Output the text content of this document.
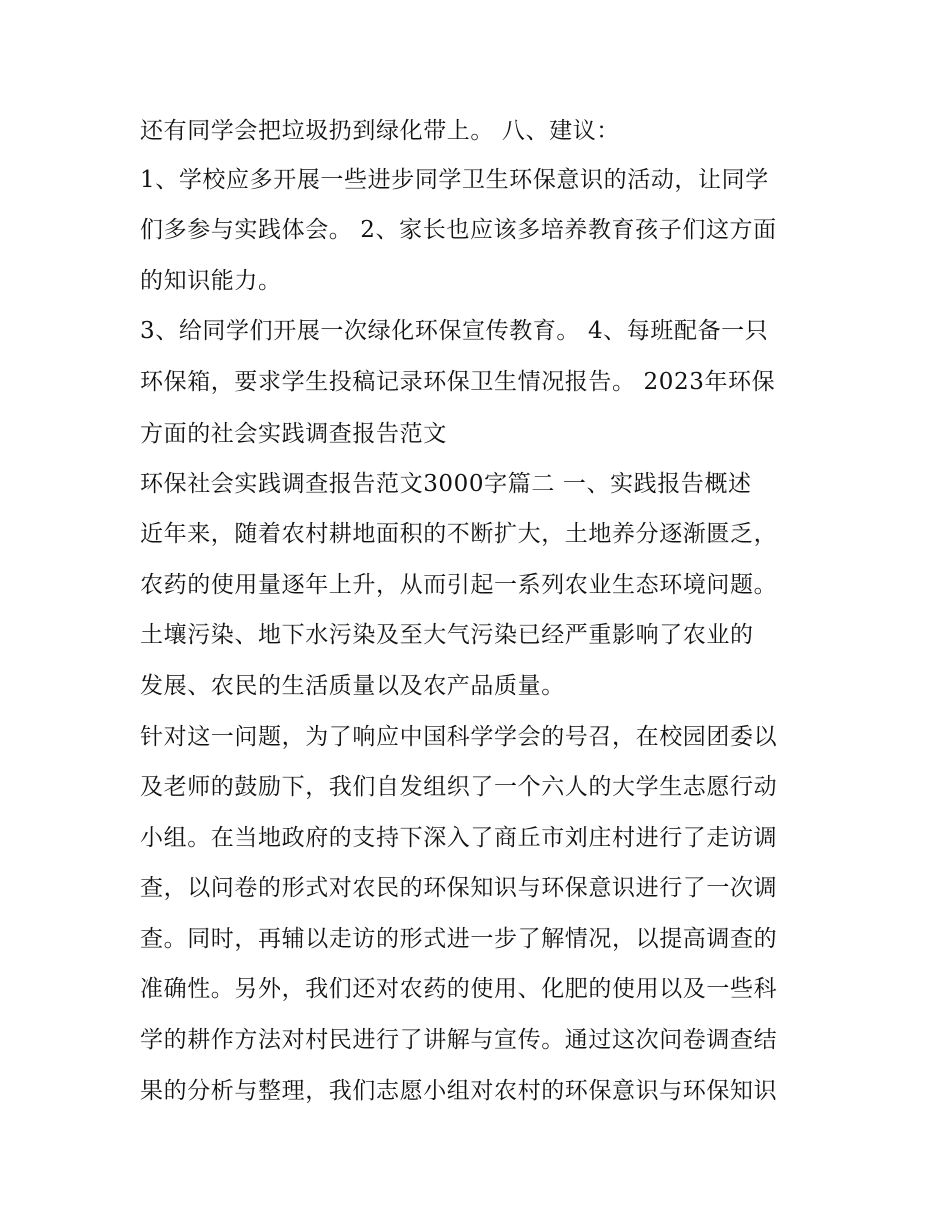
还有同学会把垃圾扔到绿化带上。 八、建议：
1、学校应多开展一些进步同学卫生环保意识的活动，让同学
们多参与实践体会。 2、家长也应该多培养教育孩子们这方面
的知识能力。
3、给同学们开展一次绿化环保宣传教育。 4、每班配备一只
环保箱，要求学生投稿记录环保卫生情况报告。 2023年环保
方面的社会实践调查报告范文
环保社会实践调查报告范文3000字篇二 一、实践报告概述
近年来，随着农村耕地面积的不断扩大，土地养分逐渐匮乏，
农药的使用量逐年上升，从而引起一系列农业生态环境问题。
土壤污染、地下水污染及至大气污染已经严重影响了农业的
发展、农民的生活质量以及农产品质量。
针对这一问题，为了响应中国科学学会的号召，在校园团委以
及老师的鼓励下，我们自发组织了一个六人的大学生志愿行动
小组。在当地政府的支持下深入了商丘市刘庄村进行了走访调
查，以问卷的形式对农民的环保知识与环保意识进行了一次调
查。同时，再辅以走访的形式进一步了解情况，以提高调查的
准确性。另外，我们还对农药的使用、化肥的使用以及一些科
学的耕作方法对村民进行了讲解与宣传。通过这次问卷调查结
果的分析与整理，我们志愿小组对农村的环保意识与环保知识
